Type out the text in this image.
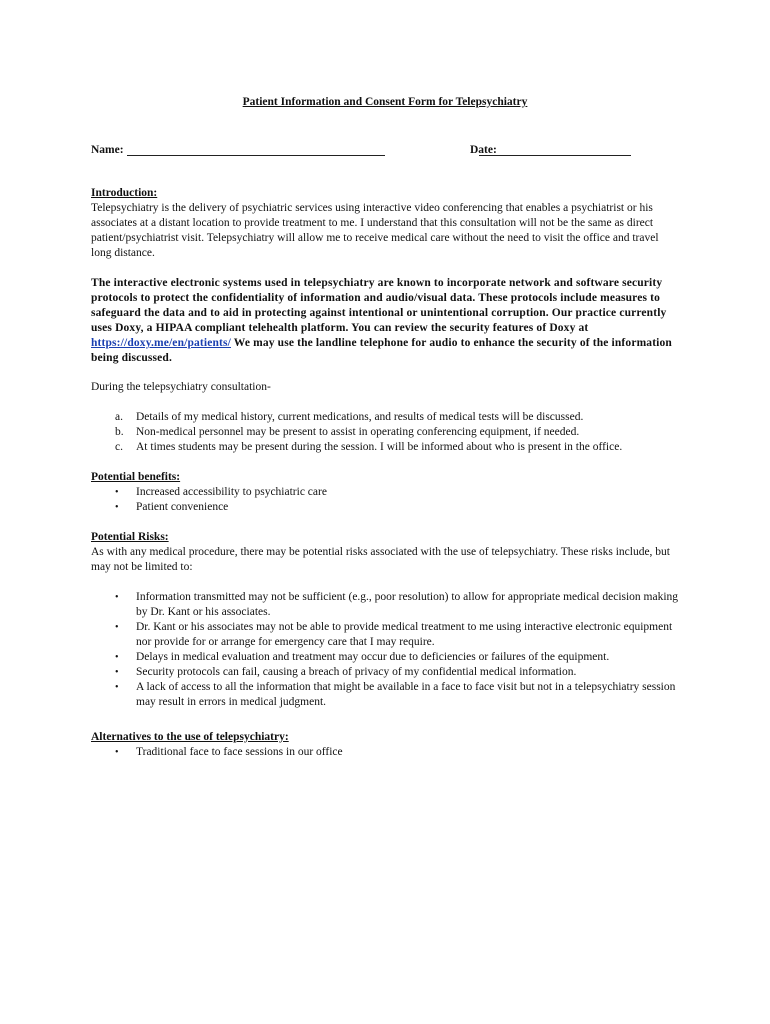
Patient Information and Consent Form for Telepsychiatry
Name:	Date:
Introduction:
Telepsychiatry is the delivery of psychiatric services using interactive video conferencing that enables a psychiatrist or his associates at a distant location to provide treatment to me. I understand that this consultation will not be the same as direct patient/psychiatrist visit. Telepsychiatry will allow me to receive medical care without the need to visit the office and travel long distance.
The interactive electronic systems used in telepsychiatry are known to incorporate network and software security protocols to protect the confidentiality of information and audio/visual data. These protocols include measures to safeguard the data and to aid in protecting against intentional or unintentional corruption. Our practice currently uses Doxy, a HIPAA compliant telehealth platform. You can review the security features of Doxy at https://doxy.me/en/patients/ We may use the landline telephone for audio to enhance the security of the information being discussed.
During the telepsychiatry consultation-
a. Details of my medical history, current medications, and results of medical tests will be discussed.
b. Non-medical personnel may be present to assist in operating conferencing equipment, if needed.
c. At times students may be present during the session. I will be informed about who is present in the office.
Potential benefits:
• Increased accessibility to psychiatric care
• Patient convenience
Potential Risks:
As with any medical procedure, there may be potential risks associated with the use of telepsychiatry. These risks include, but may not be limited to:
• Information transmitted may not be sufficient (e.g., poor resolution) to allow for appropriate medical decision making by Dr. Kant or his associates.
• Dr. Kant or his associates may not be able to provide medical treatment to me using interactive electronic equipment nor provide for or arrange for emergency care that I may require.
• Delays in medical evaluation and treatment may occur due to deficiencies or failures of the equipment.
• Security protocols can fail, causing a breach of privacy of my confidential medical information.
• A lack of access to all the information that might be available in a face to face visit but not in a telepsychiatry session may result in errors in medical judgment.
Alternatives to the use of telepsychiatry:
• Traditional face to face sessions in our office
